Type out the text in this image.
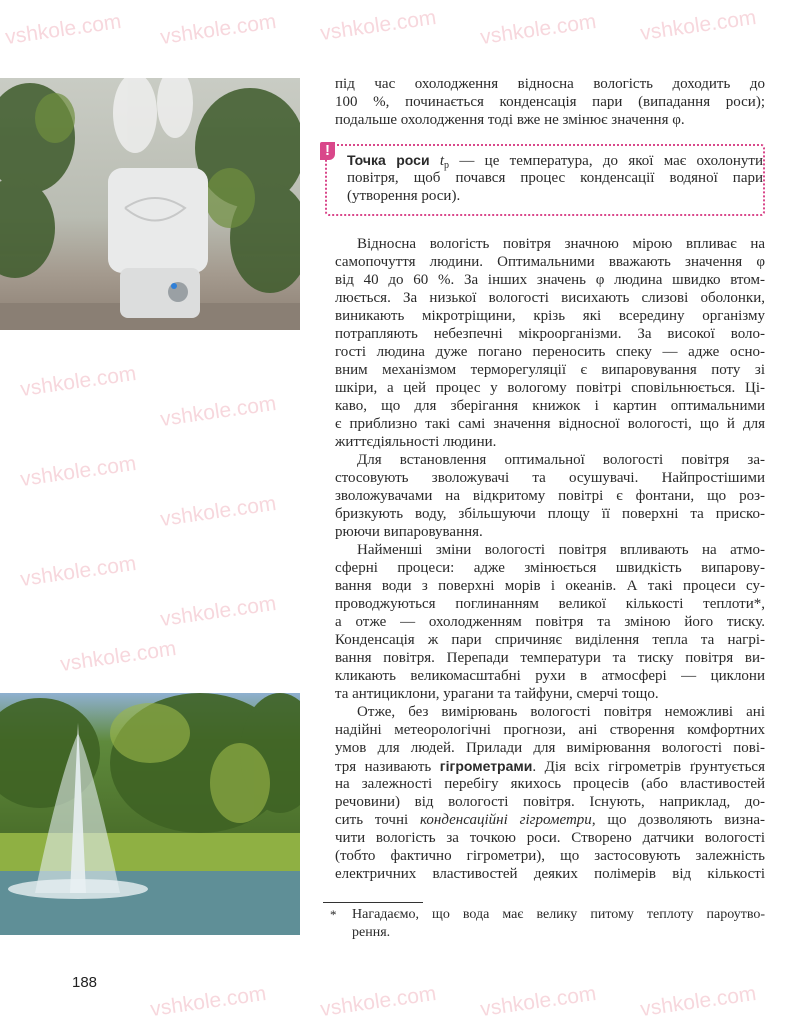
vshkole.com vshkole.com vshkole.com vshkole.com vshkole.com
vshkole.com
vshkole.com
vshkole.com
vshkole.com
vshkole.com
vshkole.com
vshkole.com
vshkole.com vshkole.com vshkole.com vshkole.com
під час охолодження відносна вологість доходить до
100 %, починається конденсація пари (випадання роси);
подальше охолодження тоді вже не змінює значення φ.
Відносна вологість повітря значною мірою впливає на
самопочуття людини. Оптимальними вважають значення φ
від 40 до 60 %. За інших значень φ людина швидко втом-
люється. За низької вологості висихають слизові оболонки,
виникають мікротріщини, крізь які всередину організму
потрапляють небезпечні мікроорганізми. За високої воло-
гості людина дуже погано переносить спеку — адже осно-
вним механізмом терморегуляції є випаровування поту зі
шкіри, а цей процес у вологому повітрі сповільнюється. Ці-
каво, що для зберігання книжок і картин оптимальними
є приблизно такі самі значення відносної вологості, що й для
життєдіяльності людини.
Для встановлення оптимальної вологості повітря за-
стосовують зволожувачі та осушувачі. Найпростішими
зволожувачами на відкритому повітрі є фонтани, що роз-
бризкують воду, збільшуючи площу її поверхні та приско-
рюючи випаровування.
Найменші зміни вологості повітря впливають на атмо-
сферні процеси: адже змінюється швидкість випарову-
вання води з поверхні морів і океанів. А такі процеси су-
проводжуються поглинанням великої кількості теплоти*,
а отже — охолодженням повітря та зміною його тиску.
Конденсація ж пари спричиняє виділення тепла та нагрі-
вання повітря. Перепади температури та тиску повітря ви-
кликають великомасштабні рухи в атмосфері — циклони
та антициклони, урагани та тайфуни, смерчі тощо.
Отже, без вимірювань вологості повітря неможливі ані
надійні метеорологічні прогнози, ані створення комфортних
умов для людей. Прилади для вимірювання вологості пові-
тря називають гігрометрами. Дія всіх гігрометрів ґрунтується
на залежності перебігу якихось процесів (або властивостей
речовини) від вологості повітря. Існують, наприклад, до-
сить точні конденсаційні гігрометри, що дозволяють визна-
чити вологість за точкою роси. Створено датчики вологості
(тобто фактично гігрометри), що застосовують залежність
електричних властивостей деяких полімерів від кількості
!
Точка роси $t_р$ — це температура, до якої має охолонути
повітря, щоб почався процес конденсації водяної пари
(утворення роси).
* Нагадаємо, що вода має велику питому теплоту пароутво-
рення.
188
